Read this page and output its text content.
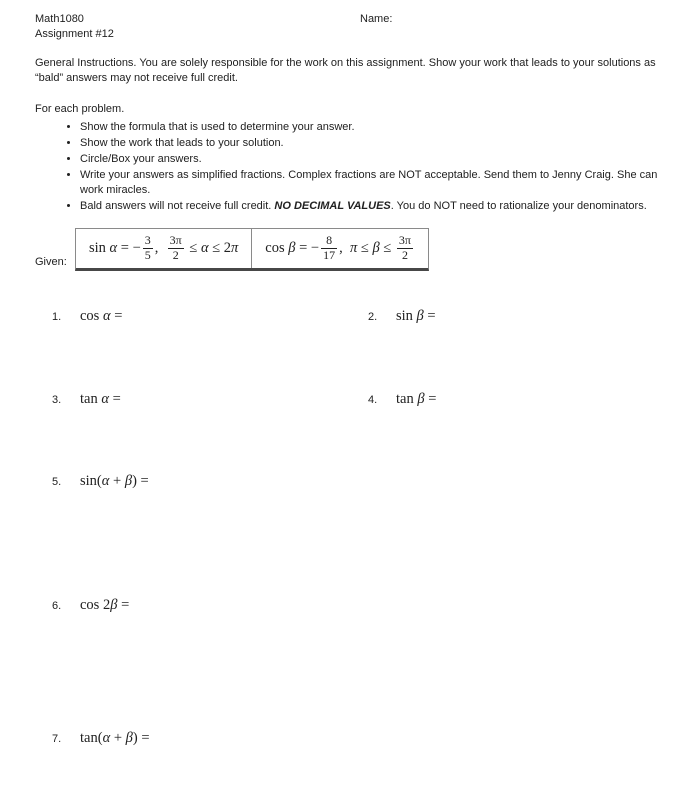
Math1080
Assignment #12
Name:

General Instructions. You are solely responsible for the work on this assignment. Show your work that leads to your solutions as “bald” answers may not receive full credit.

For each problem.

• Show the formula that is used to determine your answer.
• Show the work that leads to your solution.
• Circle/Box your answers.
• Write your answers as simplified fractions. Complex fractions are NOT acceptable. Send them to Jenny Craig. She can work miracles.
• Bald answers will not receive full credit. NO DECIMAL VALUES. You do NOT need to rationalize your denominators.
Given:
sin α = − $\frac{3}{5}$ , $\frac{3\pi}{2} \le \alpha \le 2$ π cos β = − $\frac{8}{17}$ , $\pi \le \beta \le \frac{3\pi}{2}$
1.	cos α =	2.	sin β =
3.	tan α =	4.	tan β =
5.	sin(α + β) =
6.	cos 2β =
7.	tan(α + β) =
